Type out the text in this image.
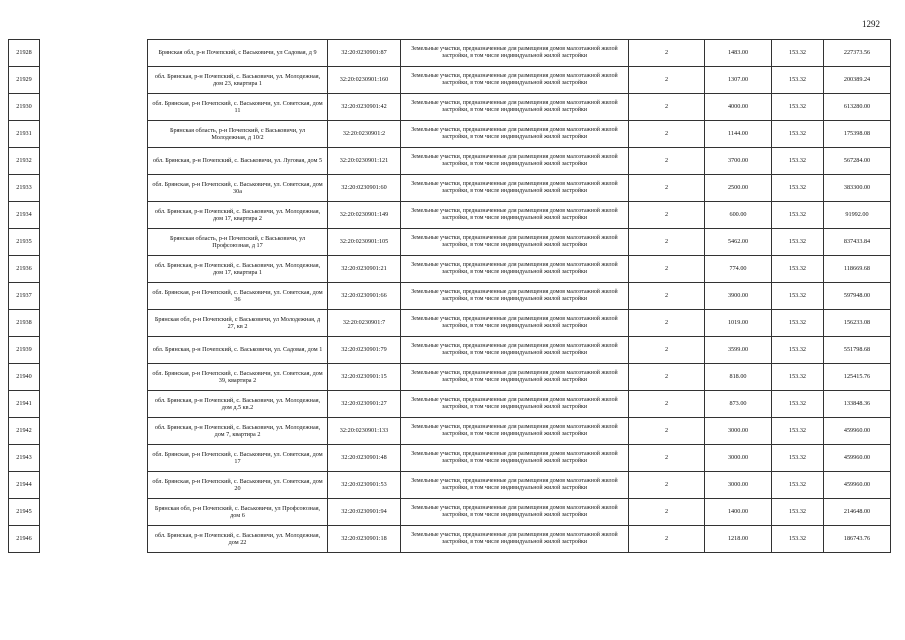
1292
21928		Брянская обл, р-н Почепский, с Васьковичи, ул Садовая, д 9	32:20:0230901:87	Земельные участки, предназначенные для размещения домов малоэтажной жилой застройки, в том числе индивидуальной жилой застройки	2	1483.00	153.32	227373.56
21929		обл. Брянская, р-н Почепский, с. Васьковичи, ул. Молодежная, дом 23, квартира 1	32:20:0230901:160	Земельные участки, предназначенные для размещения домов малоэтажной жилой застройки, в том числе индивидуальной жилой застройки	2	1307.00	153.32	200389.24
21930		обл. Брянская, р-н Почепский, с. Васьковичи, ул. Советская, дом 11	32:20:0230901:42	Земельные участки, предназначенные для размещения домов малоэтажной жилой застройки, в том числе индивидуальной жилой застройки	2	4000.00	153.32	613280.00
21931		Брянская область, р-н Почепский, с Васьковичи, ул Молодежная, д 10/2	32:20:0230901:2	Земельные участки, предназначенные для размещения домов малоэтажной жилой застройки, в том числе индивидуальной жилой застройки	2	1144.00	153.32	175398.08
21932		обл. Брянская, р-н Почепский, с. Васьковичи, ул. Луговая, дом 5	32:20:0230901:121	Земельные участки, предназначенные для размещения домов малоэтажной жилой застройки, в том числе индивидуальной жилой застройки	2	3700.00	153.32	567284.00
21933		обл. Брянская, р-н Почепский, с. Васьковичи, ул. Советская, дом 30а	32:20:0230901:60	Земельные участки, предназначенные для размещения домов малоэтажной жилой застройки, в том числе индивидуальной жилой застройки	2	2500.00	153.32	383300.00
21934		обл. Брянская, р-н Почепский, с. Васьковичи, ул. Молодежная, дом 17, квартира 2	32:20:0230901:149	Земельные участки, предназначенные для размещения домов малоэтажной жилой застройки, в том числе индивидуальной жилой застройки	2	600.00	153.32	91992.00
21935		Брянская область, р-н Почепский, с Васьковичи, ул Профсоюзная, д 17	32:20:0230901:105	Земельные участки, предназначенные для размещения домов малоэтажной жилой застройки, в том числе индивидуальной жилой застройки	2	5462.00	153.32	837433.84
21936		обл. Брянская, р-н Почепский, с. Васьковичи, ул. Молодежная, дом 17, квартира 1	32:20:0230901:21	Земельные участки, предназначенные для размещения домов малоэтажной жилой застройки, в том числе индивидуальной жилой застройки	2	774.00	153.32	118669.68
21937		обл. Брянская, р-н Почепский, с. Васьковичи, ул. Советская, дом 36	32:20:0230901:66	Земельные участки, предназначенные для размещения домов малоэтажной жилой застройки, в том числе индивидуальной жилой застройки	2	3900.00	153.32	597948.00
21938		Брянская обл, р-н Почепский, с Васьковичи, ул Молодежная, д 27, кв 2	32:20:0230901:7	Земельные участки, предназначенные для размещения домов малоэтажной жилой застройки, в том числе индивидуальной жилой застройки	2	1019.00	153.32	156233.08
21939		обл. Брянская, р-н Почепский, с. Васьковичи, ул. Садовая, дом 1	32:20:0230901:79	Земельные участки, предназначенные для размещения домов малоэтажной жилой застройки, в том числе индивидуальной жилой застройки	2	3599.00	153.32	551798.68
21940		обл. Брянская, р-н Почепский, с. Васьковичи, ул. Советская, дом 39, квартира 2	32:20:0230901:15	Земельные участки, предназначенные для размещения домов малоэтажной жилой застройки, в том числе индивидуальной жилой застройки	2	818.00	153.32	125415.76
21941		обл. Брянская, р-н Почепский, с. Васьковичи, ул. Молодежная, дом д.5 кв.2	32:20:0230901:27	Земельные участки, предназначенные для размещения домов малоэтажной жилой застройки, в том числе индивидуальной жилой застройки	2	873.00	153.32	133848.36
21942		обл. Брянская, р-н Почепский, с. Васьковичи, ул. Молодежная, дом 7, квартира 2	32:20:0230901:133	Земельные участки, предназначенные для размещения домов малоэтажной жилой застройки, в том числе индивидуальной жилой застройки	2	3000.00	153.32	459960.00
21943		обл. Брянская, р-н Почепский, с. Васьковичи, ул. Советская, дом 17	32:20:0230901:48	Земельные участки, предназначенные для размещения домов малоэтажной жилой застройки, в том числе индивидуальной жилой застройки	2	3000.00	153.32	459960.00
21944		обл. Брянская, р-н Почепский, с. Васьковичи, ул. Советская, дом 20	32:20:0230901:53	Земельные участки, предназначенные для размещения домов малоэтажной жилой застройки, в том числе индивидуальной жилой застройки	2	3000.00	153.32	459960.00
21945		Брянская обл, р-н Почепский, с. Васьковичи, ул Профсоюзная, дом 6	32:20:0230901:94	Земельные участки, предназначенные для размещения домов малоэтажной жилой застройки, в том числе индивидуальной жилой застройки	2	1400.00	153.32	214648.00
21946		обл. Брянская, р-н Почепский, с. Васьковичи, ул. Молодежная, дом 22	32:20:0230901:18	Земельные участки, предназначенные для размещения домов малоэтажной жилой застройки, в том числе индивидуальной жилой застройки	2	1218.00	153.32	186743.76
